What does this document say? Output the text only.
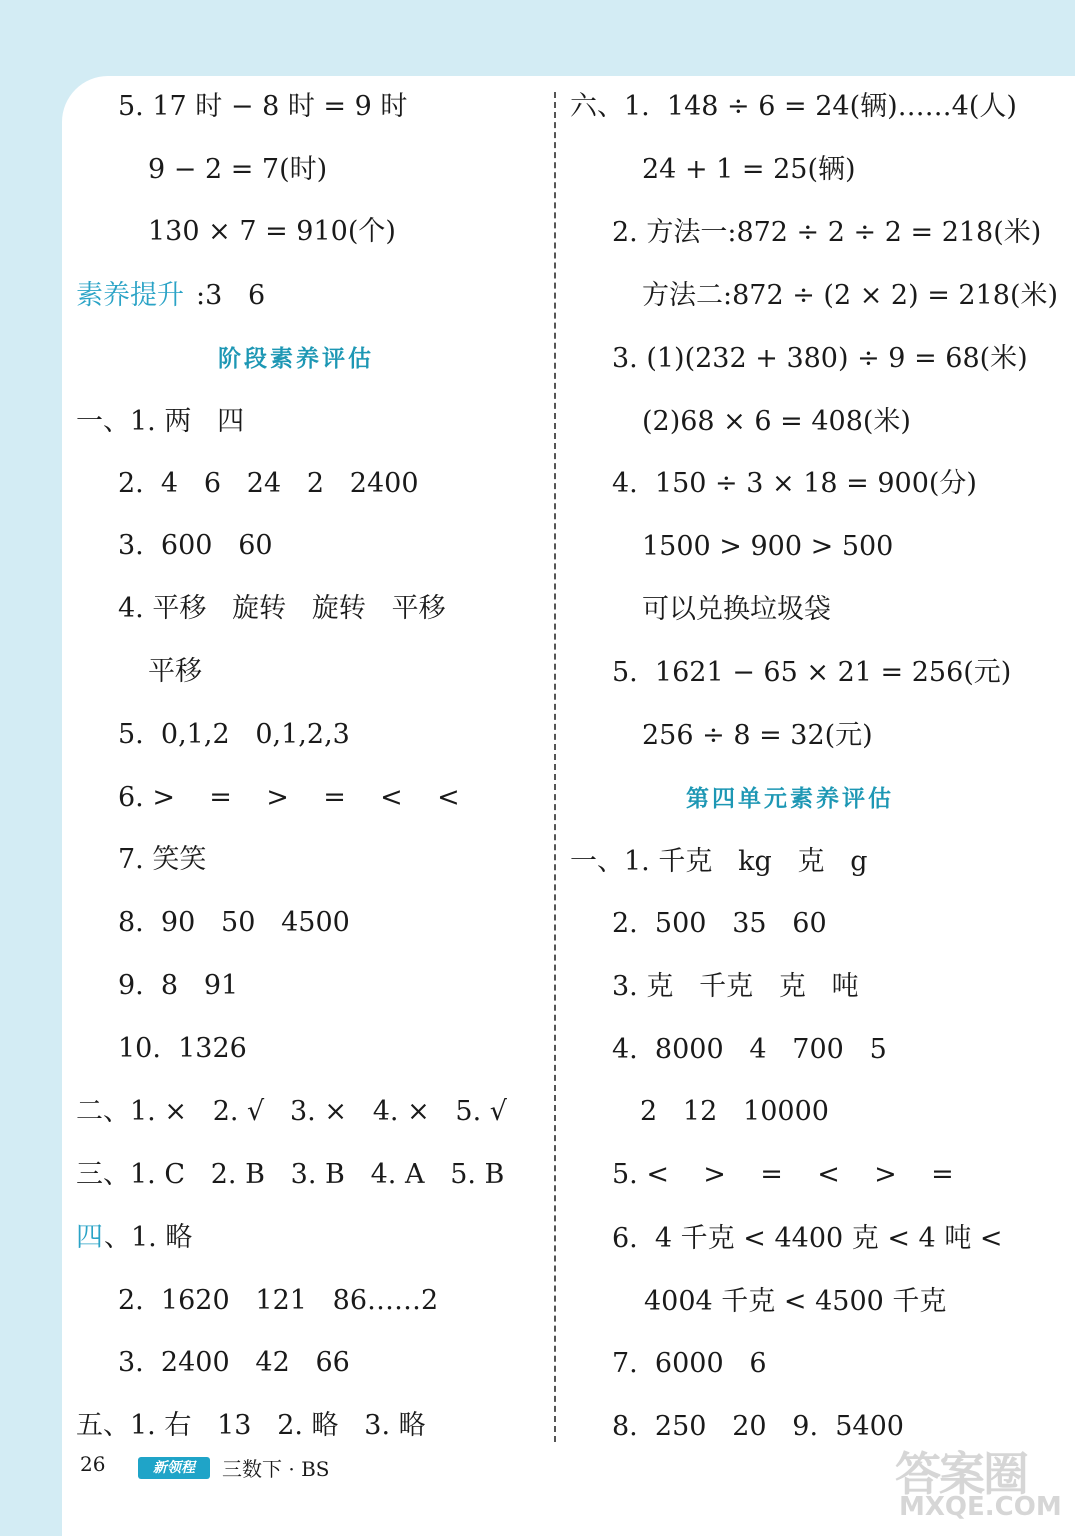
5. 17 时 − 8 时 = 9 时
9 − 2 = 7(时)
130 × 7 = 910(个)
素养提升 :3   6
阶段素养评估
一、1. 两   四
2.  4   6   24   2   2400
3.  600   60
4. 平移   旋转   旋转   平移
平移
5.  0,1,2   0,1,2,3
6. >    =    >    =    <    <
7. 笑笑
8.  90   50   4500
9.  8   91
10.  1326
二、1. ×   2. √   3. ×   4. ×   5. √
三、1. C   2. B   3. B   4. A   5. B
四 、1. 略
2.  1620   121   86……2
3.  2400   42   66
五、1. 右   13   2. 略   3. 略
六、1.  148 ÷ 6 = 24(辆)……4(人)
24 + 1 = 25(辆)
2. 方法一:872 ÷ 2 ÷ 2 = 218(米)
方法二:872 ÷ (2 × 2) = 218(米)
3. (1)(232 + 380) ÷ 9 = 68(米)
(2)68 × 6 = 408(米)
4.  150 ÷ 3 × 18 = 900(分)
1500 > 900 > 500
可以兑换垃圾袋
5.  1621 − 65 × 21 = 256(元)
256 ÷ 8 = 32(元)
第四单元素养评估
一、1. 千克   kg   克   g
2.  500   35   60
3. 克   千克   克   吨
4.  8000   4   700   5
2   12   10000
5. <    >    =    <    >    =
6.  4 千克 < 4400 克 < 4 吨 <
4004 千克 < 4500 千克
7.  6000   6
8.  250   20   9.  5400
26	新领程	三数下 · BS	答案圈
MXQE.COM
